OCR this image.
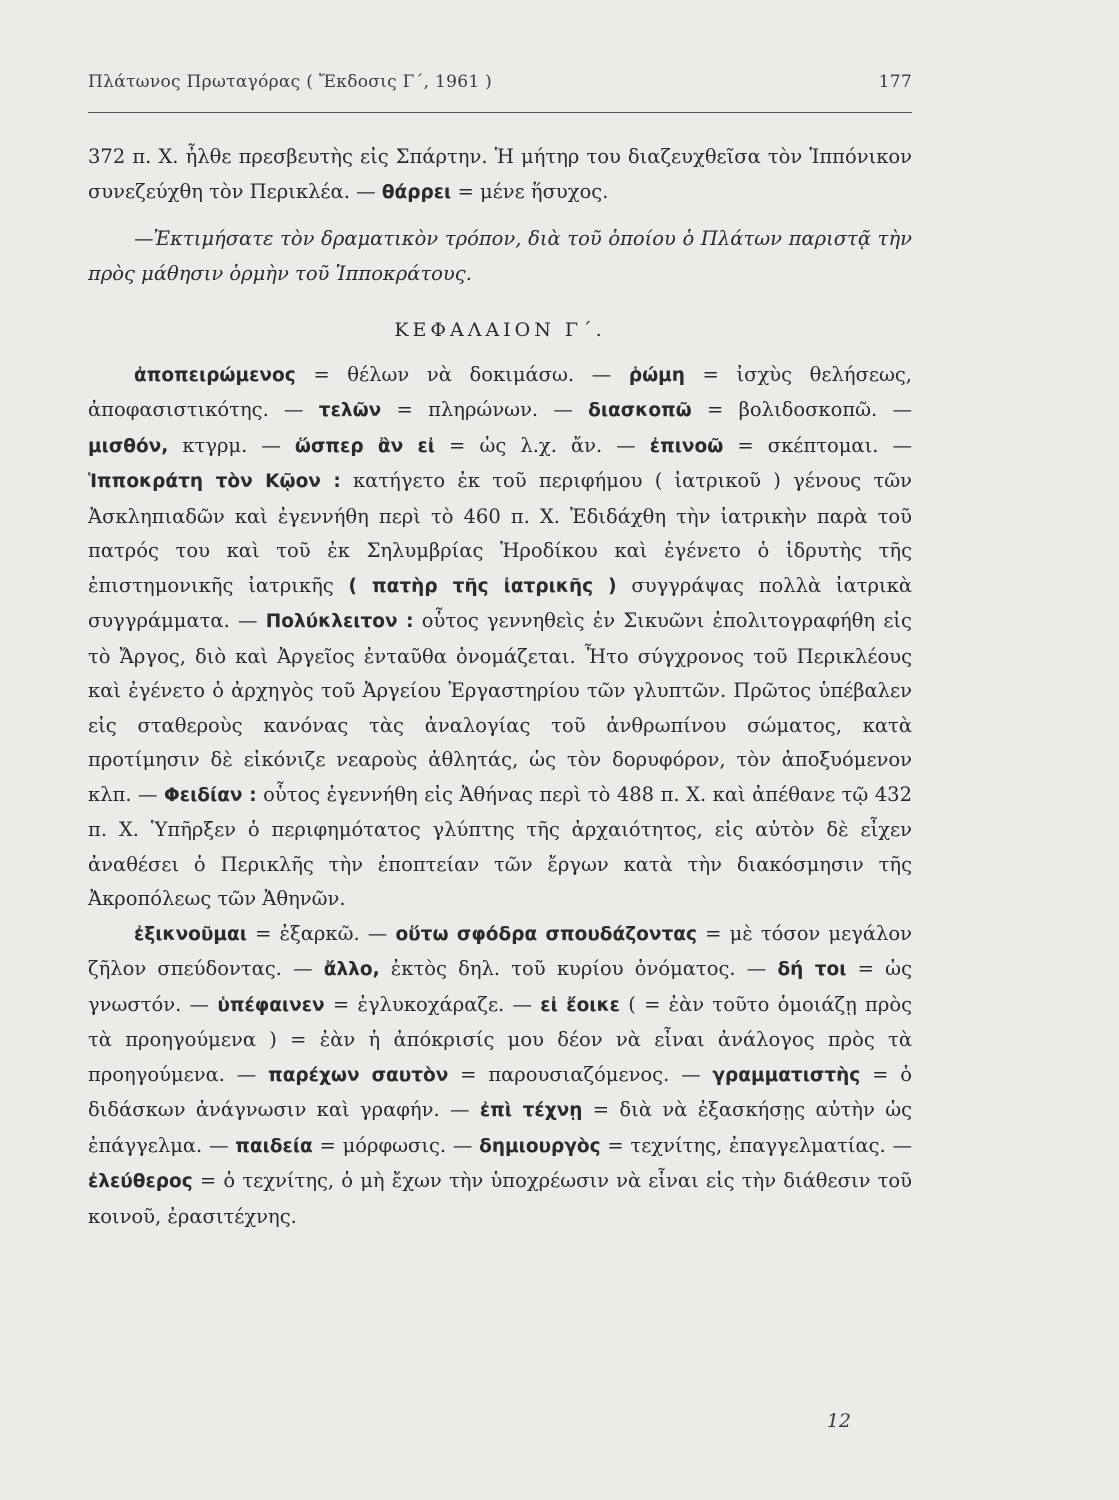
Πλάτωνος Πρωταγόρας ( Ἔκδοσις Γ΄, 1961 )	177

372 π. Χ. ἦλθε πρεσβευτὴς εἰς Σπάρτην. Ἡ μήτηρ του διαζευχθεῖσα τὸν Ἱππόνικον συνεζεύχθη τὸν Περικλέα. — θάρρει = μένε ἥσυχος.

—Ἐκτιμήσατε τὸν δραματικὸν τρόπον, διὰ τοῦ ὁποίου ὁ Πλάτων παριστᾷ τὴν πρὸς μάθησιν ὁρμὴν τοῦ Ἱπποκράτους.

ΚΕΦΑΛΑΙΟΝ Γ΄.

ἀποπειρώμενος = θέλων νὰ δοκιμάσω. — ῥώμη = ἰσχὺς θελήσεως, ἀποφασιστικότης. — τελῶν = πληρώνων. — διασκοπῶ = βολιδοσκοπῶ. — μισθόν, κτγρμ. — ὥσπερ ἂν εἰ = ὡς λ.χ. ἄν. — ἐπινοῶ = σκέπτομαι. — Ἱπποκράτη τὸν Κῷον : κατήγετο ἐκ τοῦ περιφήμου ( ἰατρικοῦ ) γένους τῶν Ἀσκληπιαδῶν καὶ ἐγεννήθη περὶ τὸ 460 π. Χ. Ἐδιδάχθη τὴν ἰατρικὴν παρὰ τοῦ πατρός του καὶ τοῦ ἐκ Σηλυμβρίας Ἡροδίκου καὶ ἐγένετο ὁ ἱδρυτὴς τῆς ἐπιστημονικῆς ἰατρικῆς ( πατὴρ τῆς ἰατρικῆς ) συγγράψας πολλὰ ἰατρικὰ συγγράμματα. — Πολύκλειτον : οὗτος γεννηθεὶς ἐν Σικυῶνι ἐπολιτογραφήθη εἰς τὸ Ἄργος, διὸ καὶ Ἀργεῖος ἐνταῦθα ὀνομάζεται. Ἦτο σύγχρονος τοῦ Περικλέους καὶ ἐγένετο ὁ ἀρχηγὸς τοῦ Ἀργείου Ἐργαστηρίου τῶν γλυπτῶν. Πρῶτος ὑπέβαλεν εἰς σταθεροὺς κανόνας τὰς ἀναλογίας τοῦ ἀνθρωπίνου σώματος, κατὰ προτίμησιν δὲ εἰκόνιζε νεαροὺς ἀθλητάς, ὡς τὸν δορυφόρον, τὸν ἀποξυόμενον κλπ. — Φειδίαν : οὗτος ἐγεννήθη εἰς Ἀθήνας περὶ τὸ 488 π. Χ. καὶ ἀπέθανε τῷ 432 π. Χ. Ὑπῆρξεν ὁ περιφημότατος γλύπτης τῆς ἀρχαιότητος, εἰς αὐτὸν δὲ εἶχεν ἀναθέσει ὁ Περικλῆς τὴν ἐποπτείαν τῶν ἔργων κατὰ τὴν διακόσμησιν τῆς Ἀκροπόλεως τῶν Ἀθηνῶν.

ἐξικνοῦμαι = ἐξαρκῶ. — οὕτω σφόδρα σπουδάζοντας = μὲ τόσον μεγάλον ζῆλον σπεύδοντας. — ἄλλο, ἐκτὸς δηλ. τοῦ κυρίου ὀνόματος. — δή τοι = ὡς γνωστόν. — ὑπέφαινεν = ἐγλυκοχάραζε. — εἰ ἔοικε ( = ἐὰν τοῦτο ὁμοιάζῃ πρὸς τὰ προηγούμενα ) = ἐὰν ἡ ἀπόκρισίς μου δέον νὰ εἶναι ἀνάλογος πρὸς τὰ προηγούμενα. — παρέχων σαυτὸν = παρουσιαζόμενος. — γραμματιστὴς = ὁ διδάσκων ἀνάγνωσιν καὶ γραφήν. — ἐπὶ τέχνῃ = διὰ νὰ ἐξασκήσῃς αὐτὴν ὡς ἐπάγγελμα. — παιδεία = μόρφωσις. — δημιουργὸς = τεχνίτης, ἐπαγγελματίας. — ἐλεύθερος = ὁ τεχνίτης, ὁ μὴ ἔχων τὴν ὑποχρέωσιν νὰ εἶναι εἰς τὴν διάθεσιν τοῦ κοινοῦ, ἐρασιτέχνης.

12
